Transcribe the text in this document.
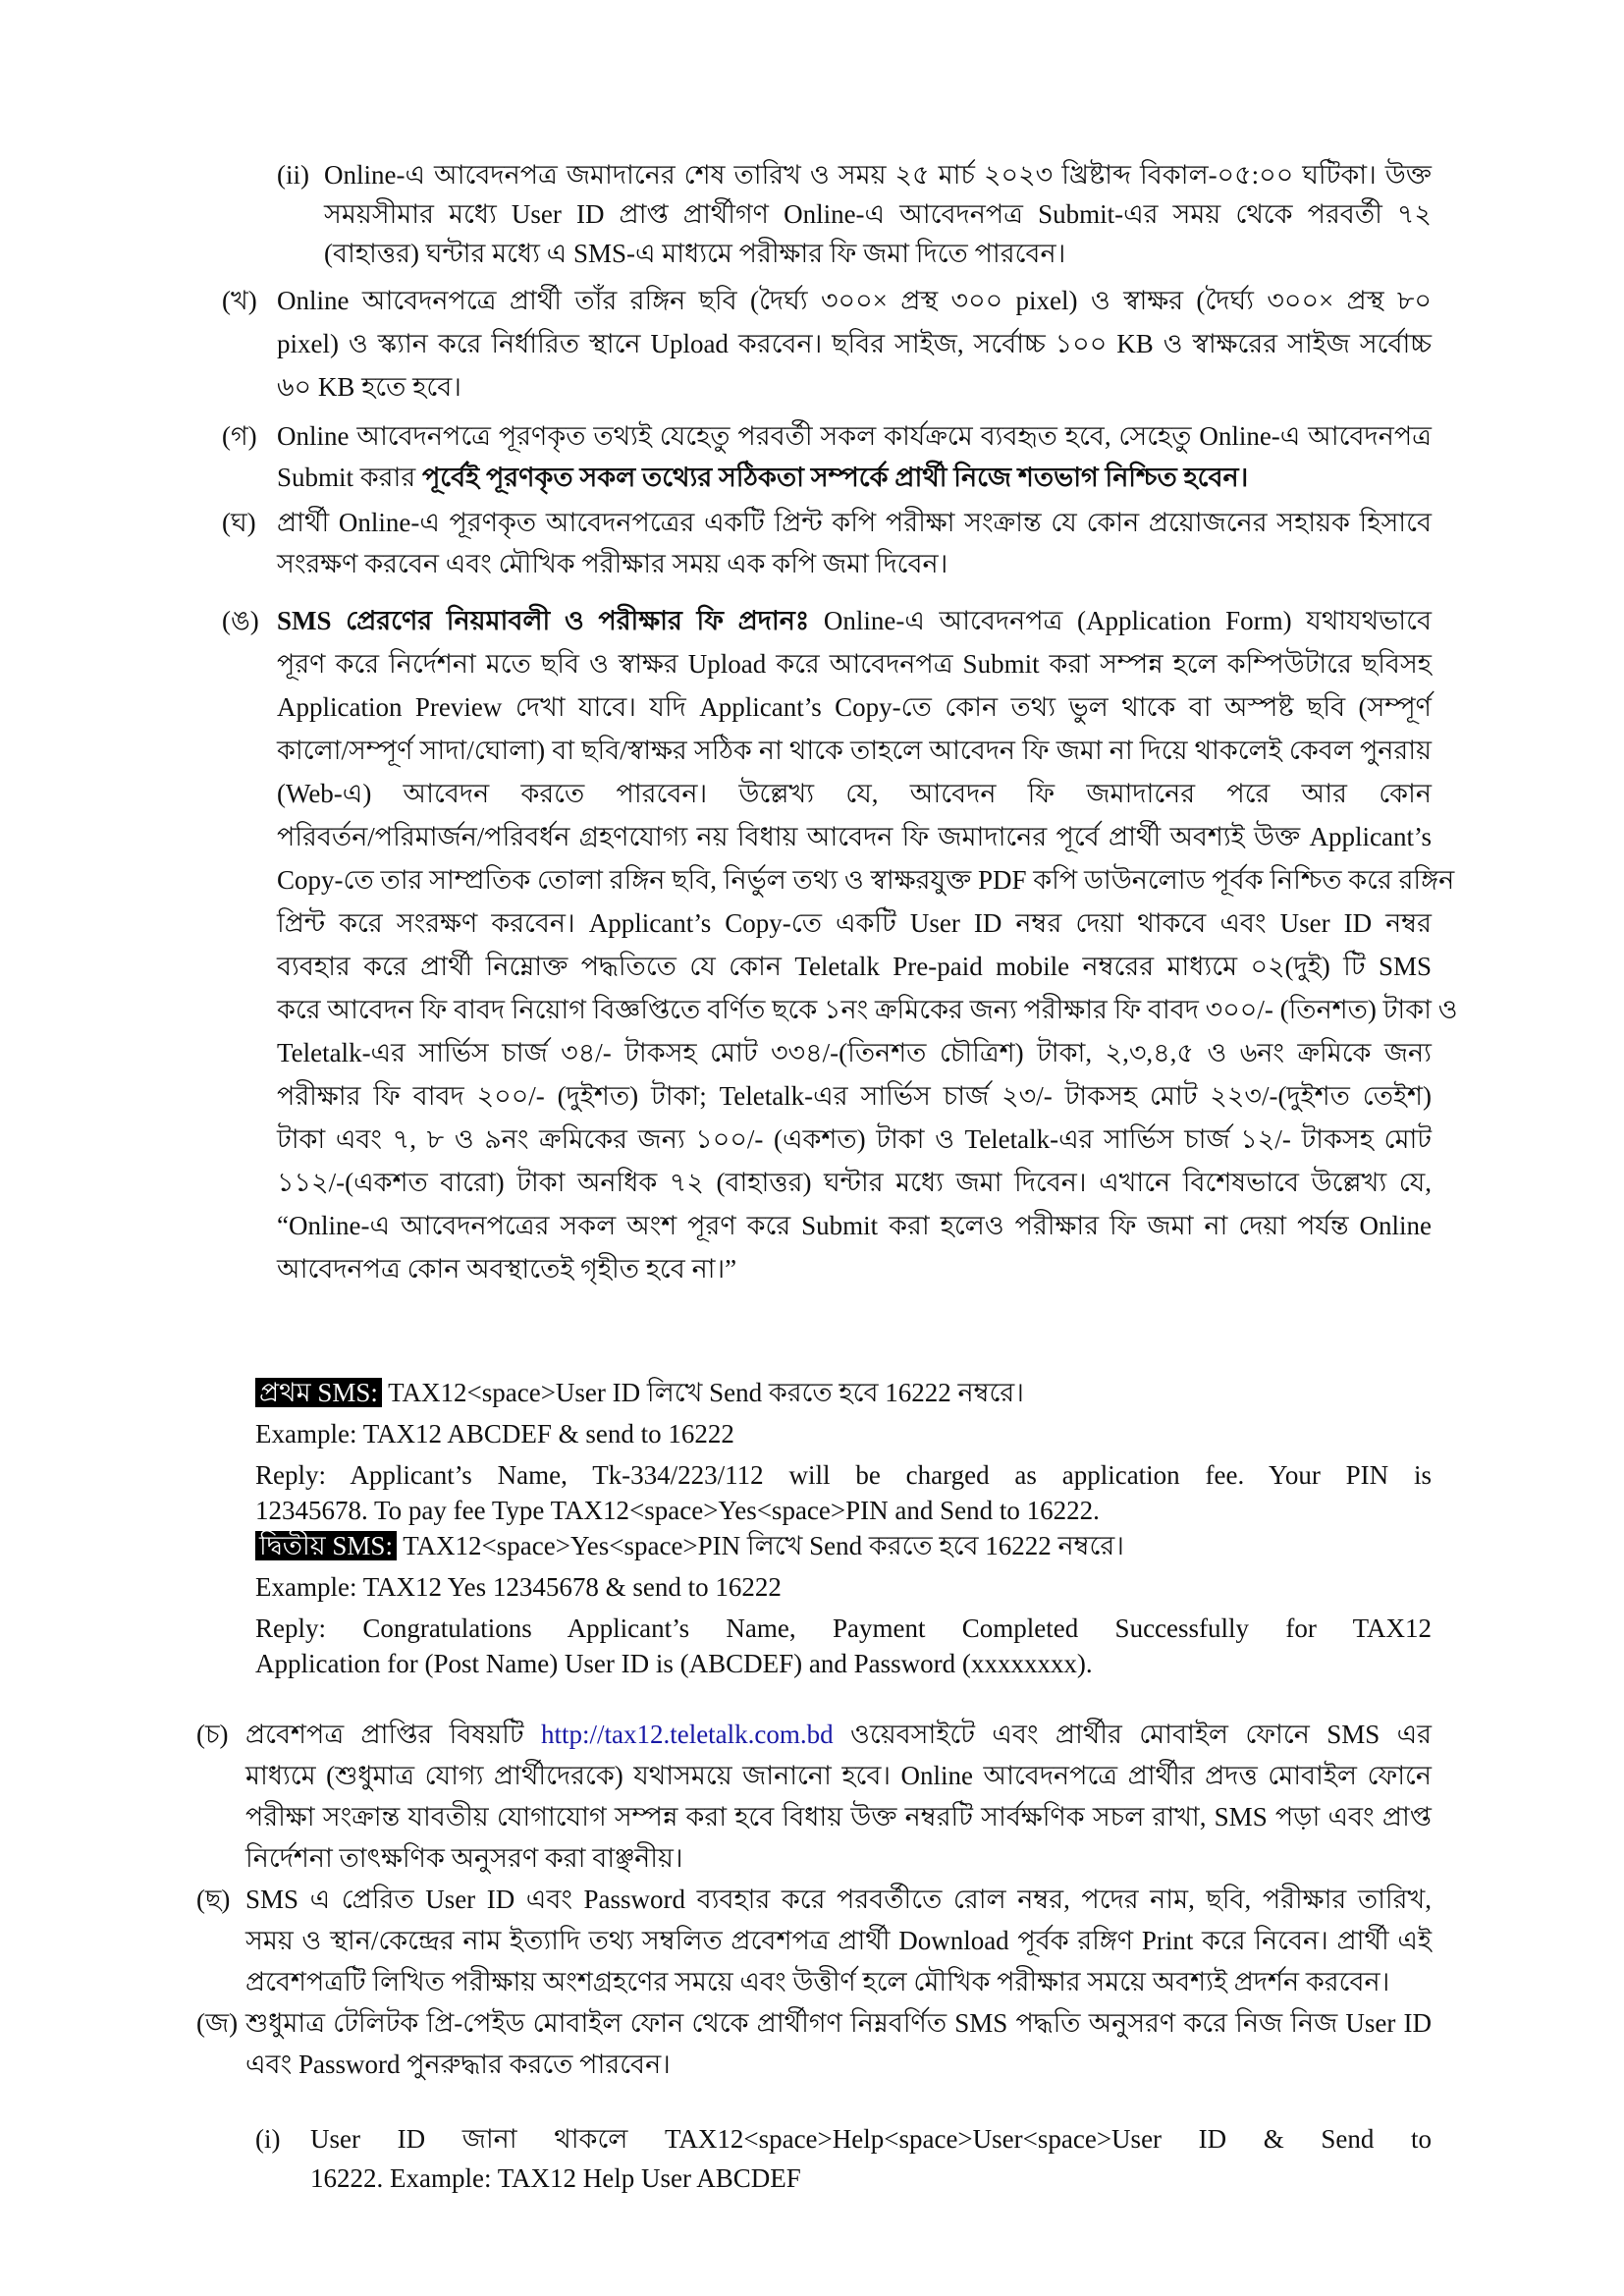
(ii) Online-এ আবেদনপত্র জমাদানের শেষ তারিখ ও সময় ২৫ মার্চ ২০২৩ খ্রিষ্টাব্দ বিকাল-০৫:০০ ঘটিকা। উক্ত

সময়সীমার মধ্যে User ID প্রাপ্ত প্রার্থীগণ Online-এ আবেদনপত্র Submit-এর সময় থেকে পরবর্তী ৭২

(বাহাত্তর) ঘন্টার মধ্যে এ SMS-এ মাধ্যমে পরীক্ষার ফি জমা দিতে পারবেন।

(খ) Online আবেদনপত্রে প্রার্থী তাঁর রঙ্গিন ছবি (দৈর্ঘ্য ৩০০× প্রস্থ ৩০০ pixel) ও স্বাক্ষর (দৈর্ঘ্য ৩০০× প্রস্থ ৮০

pixel) ও স্ক্যান করে নির্ধারিত স্থানে Upload করবেন। ছবির সাইজ, সর্বোচ্চ ১০০ KB ও স্বাক্ষরের সাইজ সর্বোচ্চ

৬০ KB হতে হবে।

(গ) Online আবেদনপত্রে পূরণকৃত তথ্যই যেহেতু পরবর্তী সকল কার্যক্রমে ব্যবহৃত হবে, সেহেতু Online-এ আবেদনপত্র

Submit করার পূর্বেই পূরণকৃত সকল তথ্যের সঠিকতা সম্পর্কে প্রার্থী নিজে শতভাগ নিশ্চিত হবেন।

(ঘ) প্রার্থী Online-এ পূরণকৃত আবেদনপত্রের একটি প্রিন্ট কপি পরীক্ষা সংক্রান্ত যে কোন প্রয়োজনের সহায়ক হিসাবে

সংরক্ষণ করবেন এবং মৌখিক পরীক্ষার সময় এক কপি জমা দিবেন।

(ঙ) SMS প্রেরণের নিয়মাবলী ও পরীক্ষার ফি প্রদানঃ Online-এ আবেদনপত্র (Application Form) যথাযথভাবে

পূরণ করে নির্দেশনা মতে ছবি ও স্বাক্ষর Upload করে আবেদনপত্র Submit করা সম্পন্ন হলে কম্পিউটারে ছবিসহ

Application Preview দেখা যাবে। যদি Applicant’s Copy-তে কোন তথ্য ভুল থাকে বা অস্পষ্ট ছবি (সম্পূর্ণ

কালো/সম্পূর্ণ সাদা/ঘোলা) বা ছবি/স্বাক্ষর সঠিক না থাকে তাহলে আবেদন ফি জমা না দিয়ে থাকলেই কেবল পুনরায়

(Web-এ) আবেদন করতে পারবেন। উল্লেখ্য যে, আবেদন ফি জমাদানের পরে আর কোন

পরিবর্তন/পরিমার্জন/পরিবর্ধন গ্রহণযোগ্য নয় বিধায় আবেদন ফি জমাদানের পূর্বে প্রার্থী অবশ্যই উক্ত Applicant’s

Copy-তে তার সাম্প্রতিক তোলা রঙ্গিন ছবি, নির্ভুল তথ্য ও স্বাক্ষরযুক্ত PDF কপি ডাউনলোড পূর্বক নিশ্চিত করে রঙ্গিন

প্রিন্ট করে সংরক্ষণ করবেন। Applicant’s Copy-তে একটি User ID নম্বর দেয়া থাকবে এবং User ID নম্বর

ব্যবহার করে প্রার্থী নিম্নোক্ত পদ্ধতিতে যে কোন Teletalk Pre-paid mobile নম্বরের মাধ্যমে ০২(দুই) টি SMS

করে আবেদন ফি বাবদ নিয়োগ বিজ্ঞপ্তিতে বর্ণিত ছকে ১নং ক্রমিকের জন্য পরীক্ষার ফি বাবদ ৩০০/- (তিনশত) টাকা ও

Teletalk-এর সার্ভিস চার্জ ৩৪/- টাকসহ মোট ৩৩৪/-(তিনশত চৌত্রিশ) টাকা, ২,৩,৪,৫ ও ৬নং ক্রমিকে জন্য

পরীক্ষার ফি বাবদ ২০০/- (দুইশত) টাকা; Teletalk-এর সার্ভিস চার্জ ২৩/- টাকসহ মোট ২২৩/-(দুইশত তেইশ)

টাকা এবং ৭, ৮ ও ৯নং ক্রমিকের জন্য ১০০/- (একশত) টাকা ও Teletalk-এর সার্ভিস চার্জ ১২/- টাকসহ মোট

১১২/-(একশত বারো) টাকা অনধিক ৭২ (বাহাত্তর) ঘন্টার মধ্যে জমা দিবেন। এখানে বিশেষভাবে উল্লেখ্য যে,

“Online-এ আবেদনপত্রের সকল অংশ পূরণ করে Submit করা হলেও পরীক্ষার ফি জমা না দেয়া পর্যন্ত Online

আবেদনপত্র কোন অবস্থাতেই গৃহীত হবে না।”

প্রথম SMS: TAX12<space>User ID লিখে Send করতে হবে 16222 নম্বরে।

Example: TAX12 ABCDEF & send to 16222

Reply: Applicant’s Name, Tk-334/223/112 will be charged as application fee. Your PIN is

12345678. To pay fee Type TAX12<space>Yes<space>PIN and Send to 16222.

দ্বিতীয় SMS: TAX12<space>Yes<space>PIN লিখে Send করতে হবে 16222 নম্বরে।

Example: TAX12 Yes 12345678 & send to 16222

Reply: Congratulations Applicant’s Name, Payment Completed Successfully for TAX12

Application for (Post Name) User ID is (ABCDEF) and Password (xxxxxxxx).

(চ) প্রবেশপত্র প্রাপ্তির বিষয়টি http://tax12.teletalk.com.bd ওয়েবসাইটে এবং প্রার্থীর মোবাইল ফোনে SMS এর

মাধ্যমে (শুধুমাত্র যোগ্য প্রার্থীদেরকে) যথাসময়ে জানানো হবে। Online আবেদনপত্রে প্রার্থীর প্রদত্ত মোবাইল ফোনে

পরীক্ষা সংক্রান্ত যাবতীয় যোগাযোগ সম্পন্ন করা হবে বিধায় উক্ত নম্বরটি সার্বক্ষণিক সচল রাখা, SMS পড়া এবং প্রাপ্ত

নির্দেশনা তাৎক্ষণিক অনুসরণ করা বাঞ্ছনীয়।

(ছ) SMS এ প্রেরিত User ID এবং Password ব্যবহার করে পরবর্তীতে রোল নম্বর, পদের নাম, ছবি, পরীক্ষার তারিখ,

সময় ও স্থান/কেন্দ্রের নাম ইত্যাদি তথ্য সম্বলিত প্রবেশপত্র প্রার্থী Download পূর্বক রঙ্গিণ Print করে নিবেন। প্রার্থী এই

প্রবেশপত্রটি লিখিত পরীক্ষায় অংশগ্রহণের সময়ে এবং উত্তীর্ণ হলে মৌখিক পরীক্ষার সময়ে অবশ্যই প্রদর্শন করবেন।

(জ) শুধুমাত্র টেলিটক প্রি-পেইড মোবাইল ফোন থেকে প্রার্থীগণ নিম্নবর্ণিত SMS পদ্ধতি অনুসরণ করে নিজ নিজ User ID

এবং Password পুনরুদ্ধার করতে পারবেন।

(i) User ID জানা থাকলে TAX12<space>Help<space>User<space>User ID & Send to

16222. Example: TAX12 Help User ABCDEF
